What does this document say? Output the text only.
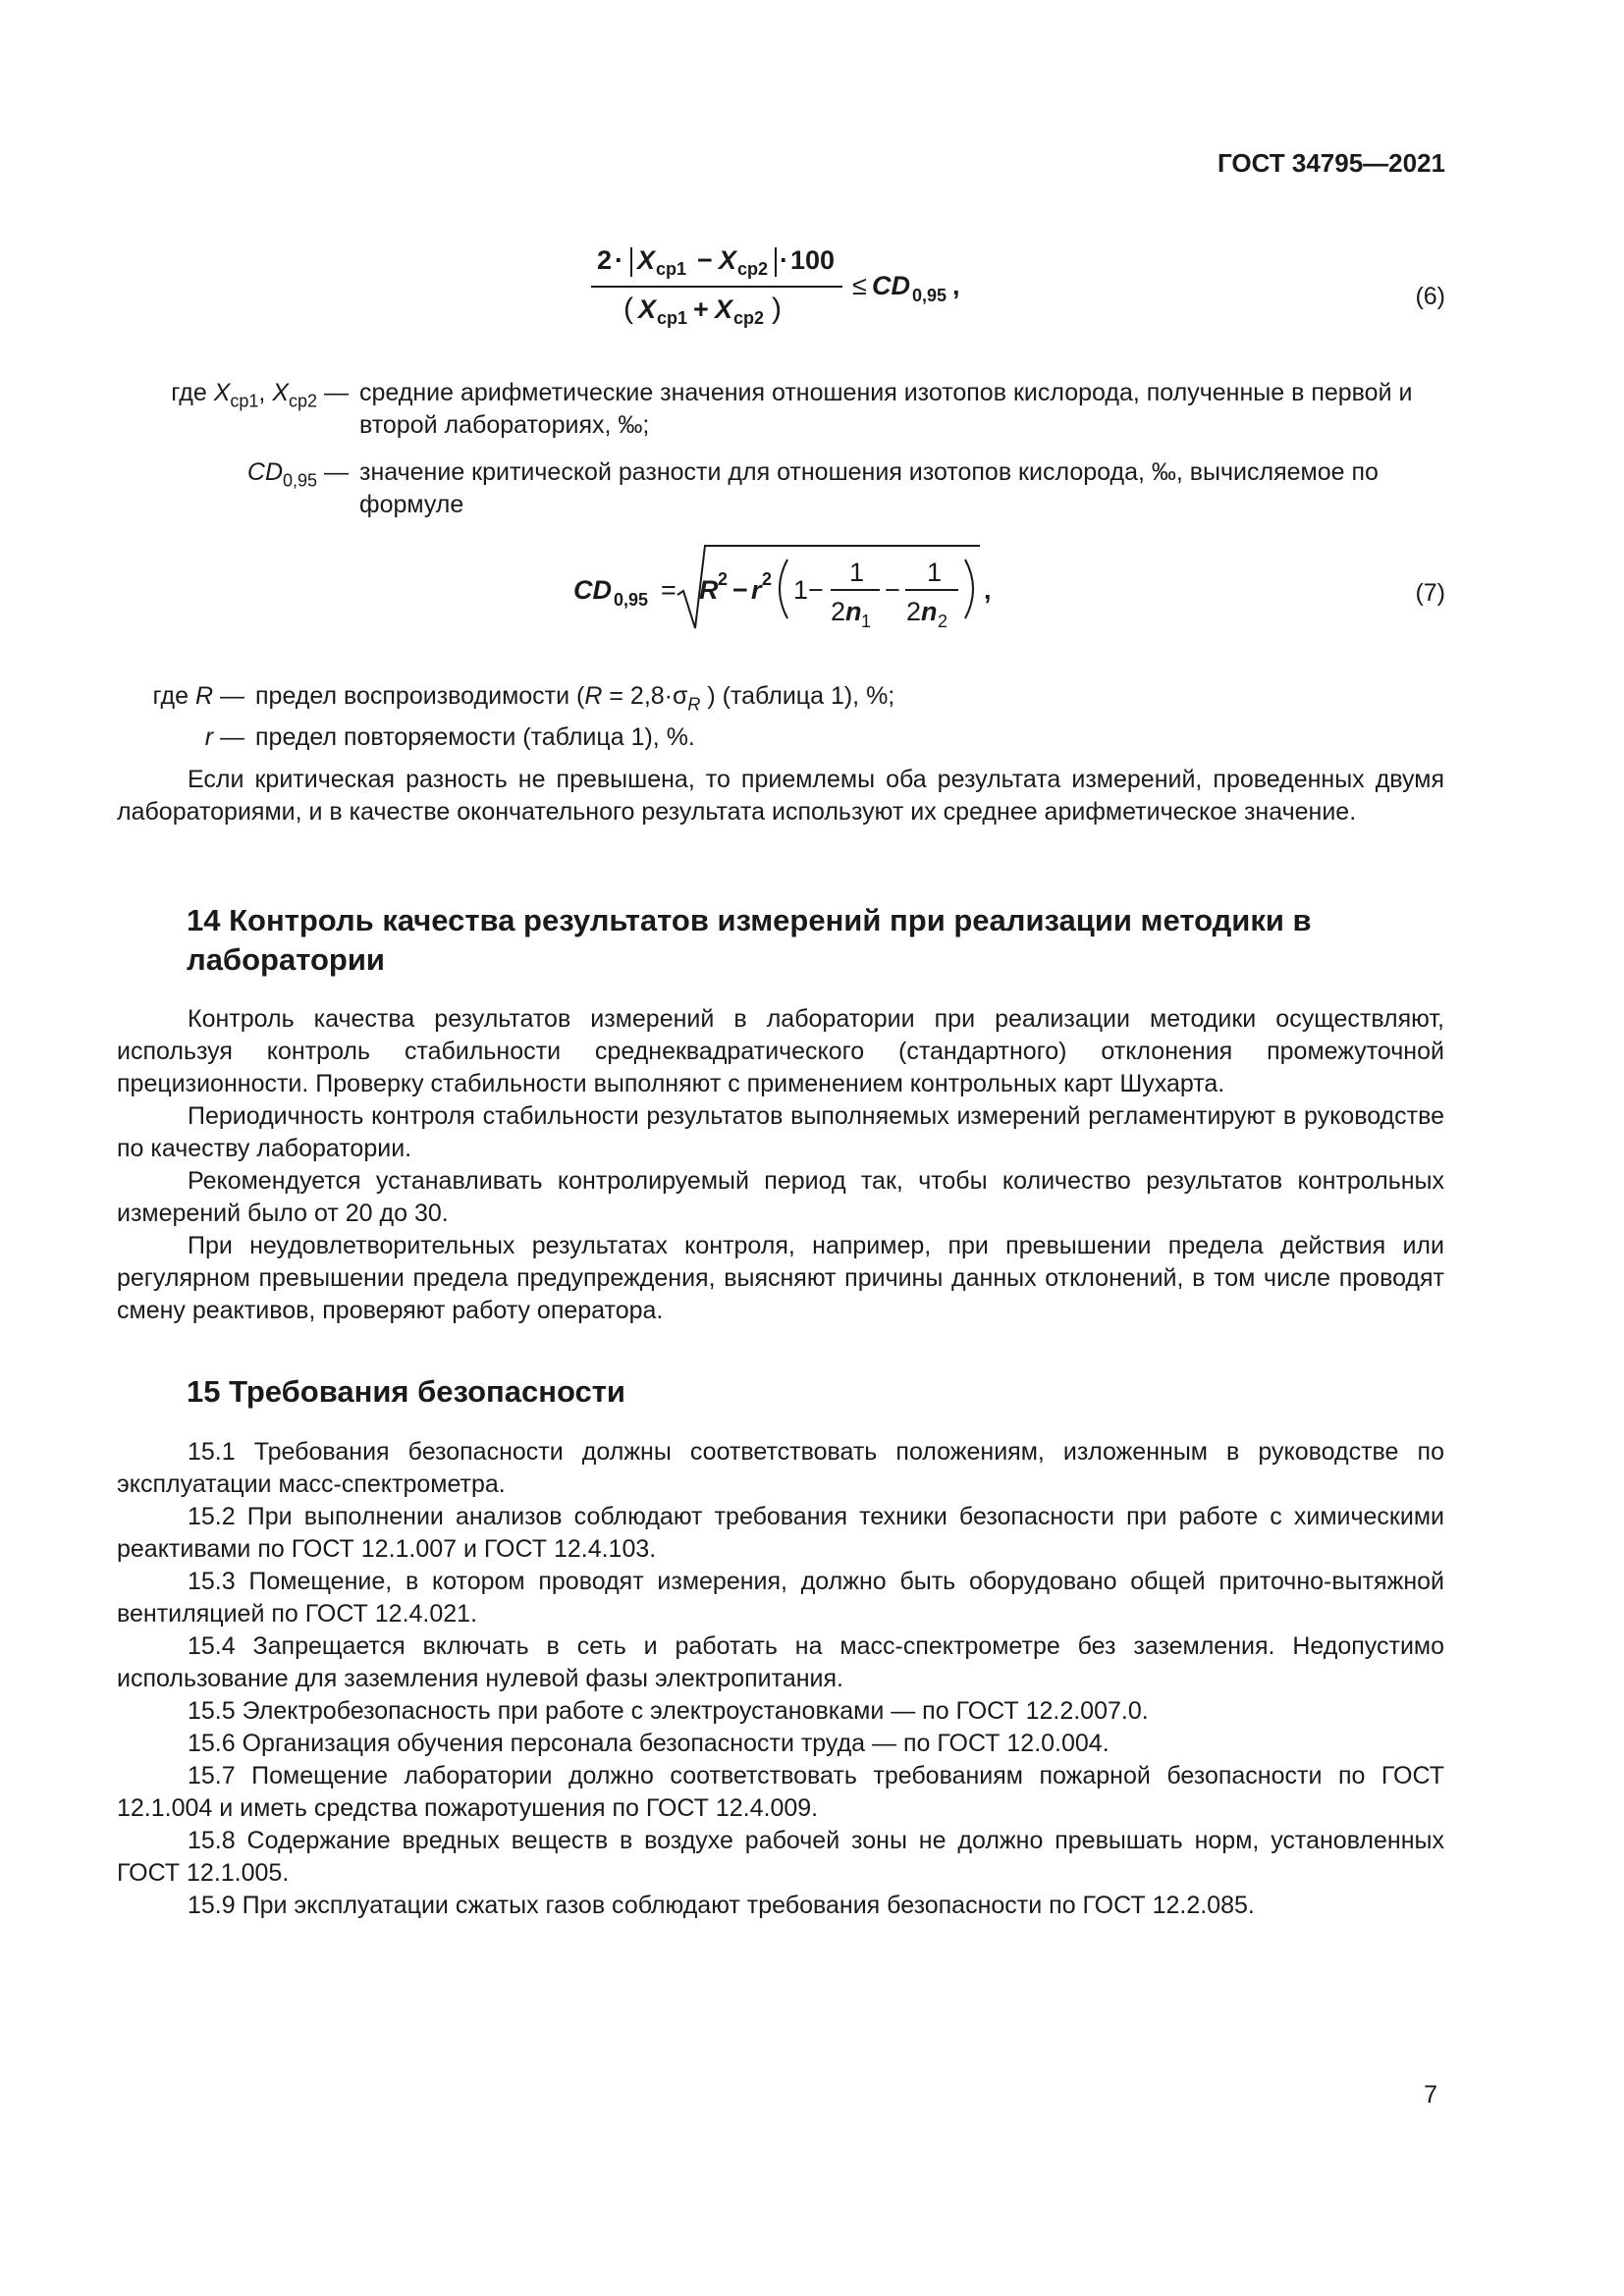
ГОСТ 34795—2021
2 · X ср1 − X ср2 · 100
X ср1 + X ср2
≤ CD 0,95 ,
(	)	(6)
где $X_{ср1}$, $X_{ср2}$ — средние арифметические значения отношения изотопов кислорода, полученные в первой и второй лабораториях, ‰;
$CD_{0,95}$ — значение критической разности для отношения изотопов кислорода, ‰, вычисляемое по формуле
CD 0,95 = R 2 − r 2 1 −
1
2 n 1
−
1
2 n 2
,	(7)
где R — предел воспроизводимости ($R = 2,8\cdot\sigma_R$ ) (таблица 1), %;
r — предел повторяемости (таблица 1), %.

Если критическая разность не превышена, то приемлемы оба результата измерений, проведенных двумя лабораториями, и в качестве окончательного результата используют их среднее арифметическое значение.

14 Контроль качества результатов измерений при реализации методики в лаборатории

Контроль качества результатов измерений в лаборатории при реализации методики осуществляют, используя контроль стабильности среднеквадратического (стандартного) отклонения промежуточной прецизионности. Проверку стабильности выполняют с применением контрольных карт Шухарта.

Периодичность контроля стабильности результатов выполняемых измерений регламентируют в руководстве по качеству лаборатории.

Рекомендуется устанавливать контролируемый период так, чтобы количество результатов контрольных измерений было от 20 до 30.

При неудовлетворительных результатах контроля, например, при превышении предела действия или регулярном превышении предела предупреждения, выясняют причины данных отклонений, в том числе проводят смену реактивов, проверяют работу оператора.

15 Требования безопасности

15.1 Требования безопасности должны соответствовать положениям, изложенным в руководстве по эксплуатации масс-спектрометра.

15.2 При выполнении анализов соблюдают требования техники безопасности при работе с химическими реактивами по ГОСТ 12.1.007 и ГОСТ 12.4.103.

15.3 Помещение, в котором проводят измерения, должно быть оборудовано общей приточно-вытяжной вентиляцией по ГОСТ 12.4.021.

15.4 Запрещается включать в сеть и работать на масс-спектрометре без заземления. Недопустимо использование для заземления нулевой фазы электропитания.

15.5 Электробезопасность при работе с электроустановками — по ГОСТ 12.2.007.0.

15.6 Организация обучения персонала безопасности труда — по ГОСТ 12.0.004.

15.7 Помещение лаборатории должно соответствовать требованиям пожарной безопасности по ГОСТ 12.1.004 и иметь средства пожаротушения по ГОСТ 12.4.009.

15.8 Содержание вредных веществ в воздухе рабочей зоны не должно превышать норм, установленных ГОСТ 12.1.005.

15.9 При эксплуатации сжатых газов соблюдают требования безопасности по ГОСТ 12.2.085.

7
